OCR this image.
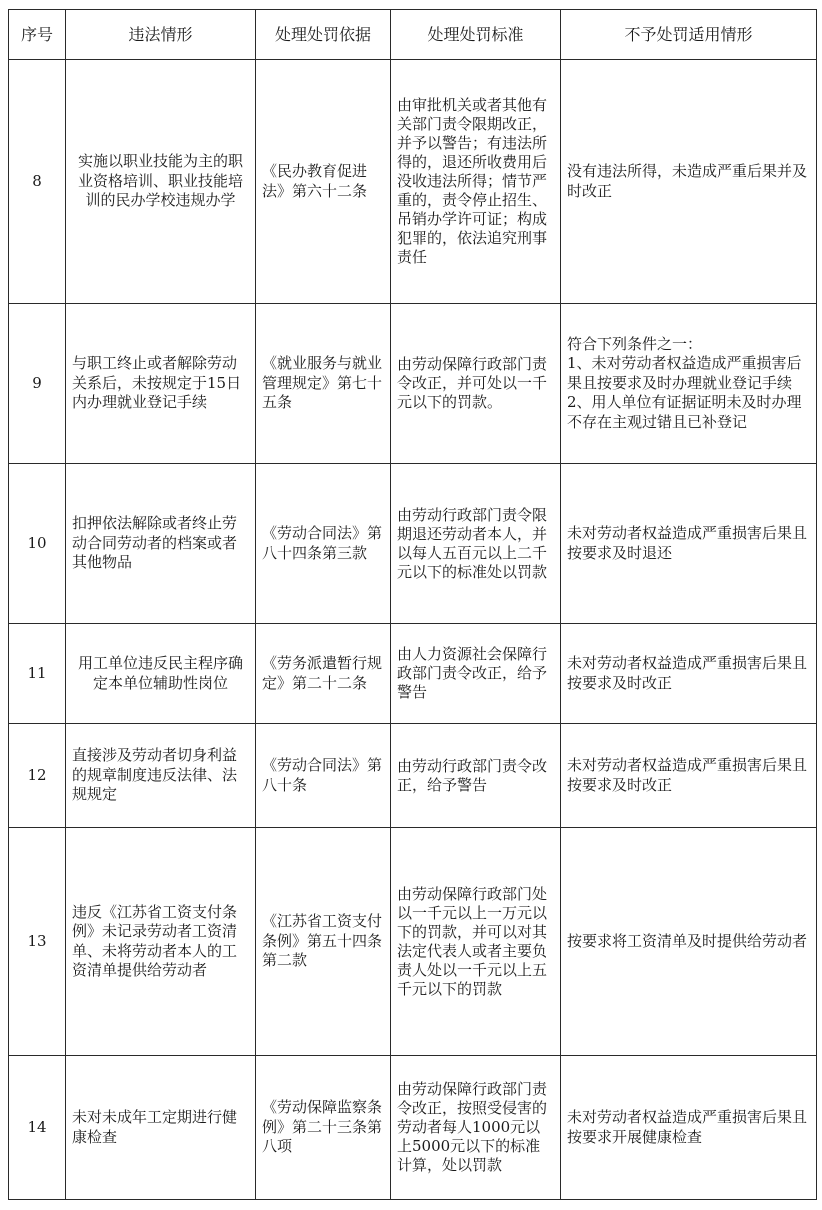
序号	违法情形	处理处罚依据	处理处罚标准	不予处罚适用情形
8	实施以职业技能为主的职业资格培训、职业技能培训的民办学校违规办学	《民办教育促进法》第六十二条	由审批机关或者其他有关部门责令限期改正，并予以警告；有违法所得的，退还所收费用后没收违法所得；情节严重的，责令停止招生、吊销办学许可证；构成犯罪的，依法追究刑事责任	没有违法所得，未造成严重后果并及时改正
9	与职工终止或者解除劳动关系后，未按规定于15日内办理就业登记手续	《就业服务与就业管理规定》第七十五条	由劳动保障行政部门责令改正，并可处以一千元以下的罚款。	符合下列条件之一：
1、未对劳动者权益造成严重损害后果且按要求及时办理就业登记手续
2、用人单位有证据证明未及时办理不存在主观过错且已补登记
10	扣押依法解除或者终止劳动合同劳动者的档案或者其他物品	《劳动合同法》第八十四条第三款	由劳动行政部门责令限期退还劳动者本人，并以每人五百元以上二千元以下的标准处以罚款	未对劳动者权益造成严重损害后果且按要求及时退还
11	用工单位违反民主程序确定本单位辅助性岗位	《劳务派遣暂行规定》第二十二条	由人力资源社会保障行政部门责令改正，给予警告	未对劳动者权益造成严重损害后果且按要求及时改正
12	直接涉及劳动者切身利益的规章制度违反法律、法规规定	《劳动合同法》第八十条	由劳动行政部门责令改正，给予警告	未对劳动者权益造成严重损害后果且按要求及时改正
13	违反《江苏省工资支付条例》未记录劳动者工资清单、未将劳动者本人的工资清单提供给劳动者	《江苏省工资支付条例》第五十四条第二款	由劳动保障行政部门处以一千元以上一万元以下的罚款，并可以对其法定代表人或者主要负责人处以一千元以上五千元以下的罚款	按要求将工资清单及时提供给劳动者
14	未对未成年工定期进行健康检查	《劳动保障监察条例》第二十三条第八项	由劳动保障行政部门责令改正，按照受侵害的劳动者每人1000元以上5000元以下的标准计算，处以罚款	未对劳动者权益造成严重损害后果且按要求开展健康检查
